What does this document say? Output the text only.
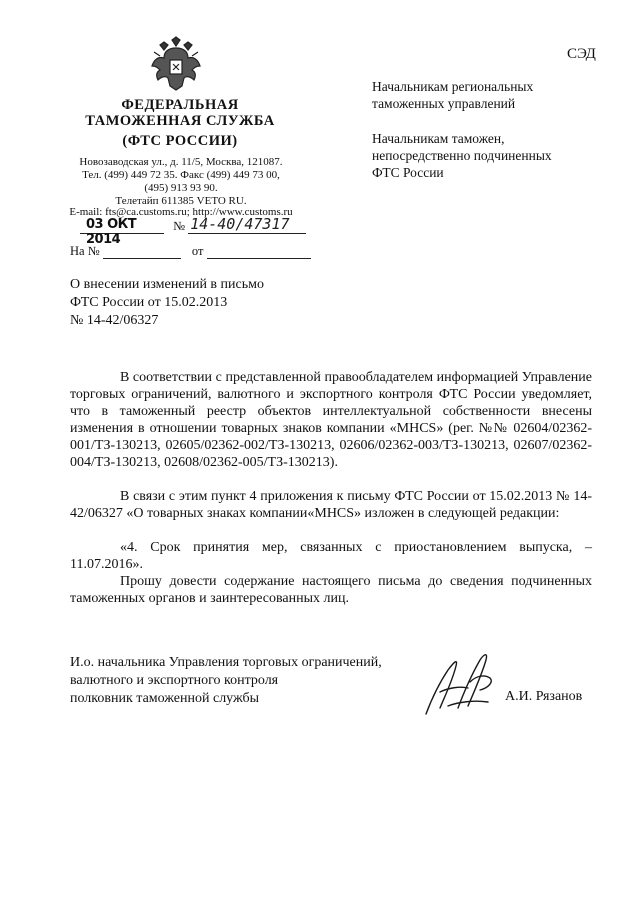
ФЕДЕРАЛЬНАЯ
ТАМОЖЕННАЯ СЛУЖБА
(ФТС РОССИИ)
Новозаводская ул., д. 11/5, Москва, 121087.
Тел. (499) 449 72 35. Факс (499) 449 73 00,
(495) 913 93 90.
Телетайп 611385 VETO RU.
E-mail: fts@ca.customs.ru; http://www.customs.ru
03 ОКТ 2014
№ 14-40/47317
На №	от
СЭД
Начальникам региональных
таможенных управлений
Начальникам таможен,
непосредственно подчиненных
ФТС России
О внесении изменений в письмо
ФТС России от 15.02.2013
№ 14-42/06327
В соответствии с представленной правообладателем информацией Управление торговых ограничений, валютного и экспортного контроля ФТС России уведомляет, что в таможенный реестр объектов интеллектуальной собственности внесены изменения в отношении товарных знаков компании «MHCS» (рег. №№ 02604/02362-001/ТЗ-130213, 02605/02362-002/ТЗ-130213, 02606/02362-003/ТЗ-130213, 02607/02362-004/ТЗ-130213, 02608/02362-005/ТЗ-130213).
В связи с этим пункт 4 приложения к письму ФТС России от 15.02.2013 № 14-42/06327 «О товарных знаках компании«MHCS» изложен в следующей редакции:
«4. Срок принятия мер, связанных с приостановлением выпуска, – 11.07.2016».
Прошу довести содержание настоящего письма до сведения подчиненных таможенных органов и заинтересованных лиц.
И.о. начальника Управления торговых ограничений,
валютного и экспортного контроля
полковник таможенной службы	А.И. Рязанов
